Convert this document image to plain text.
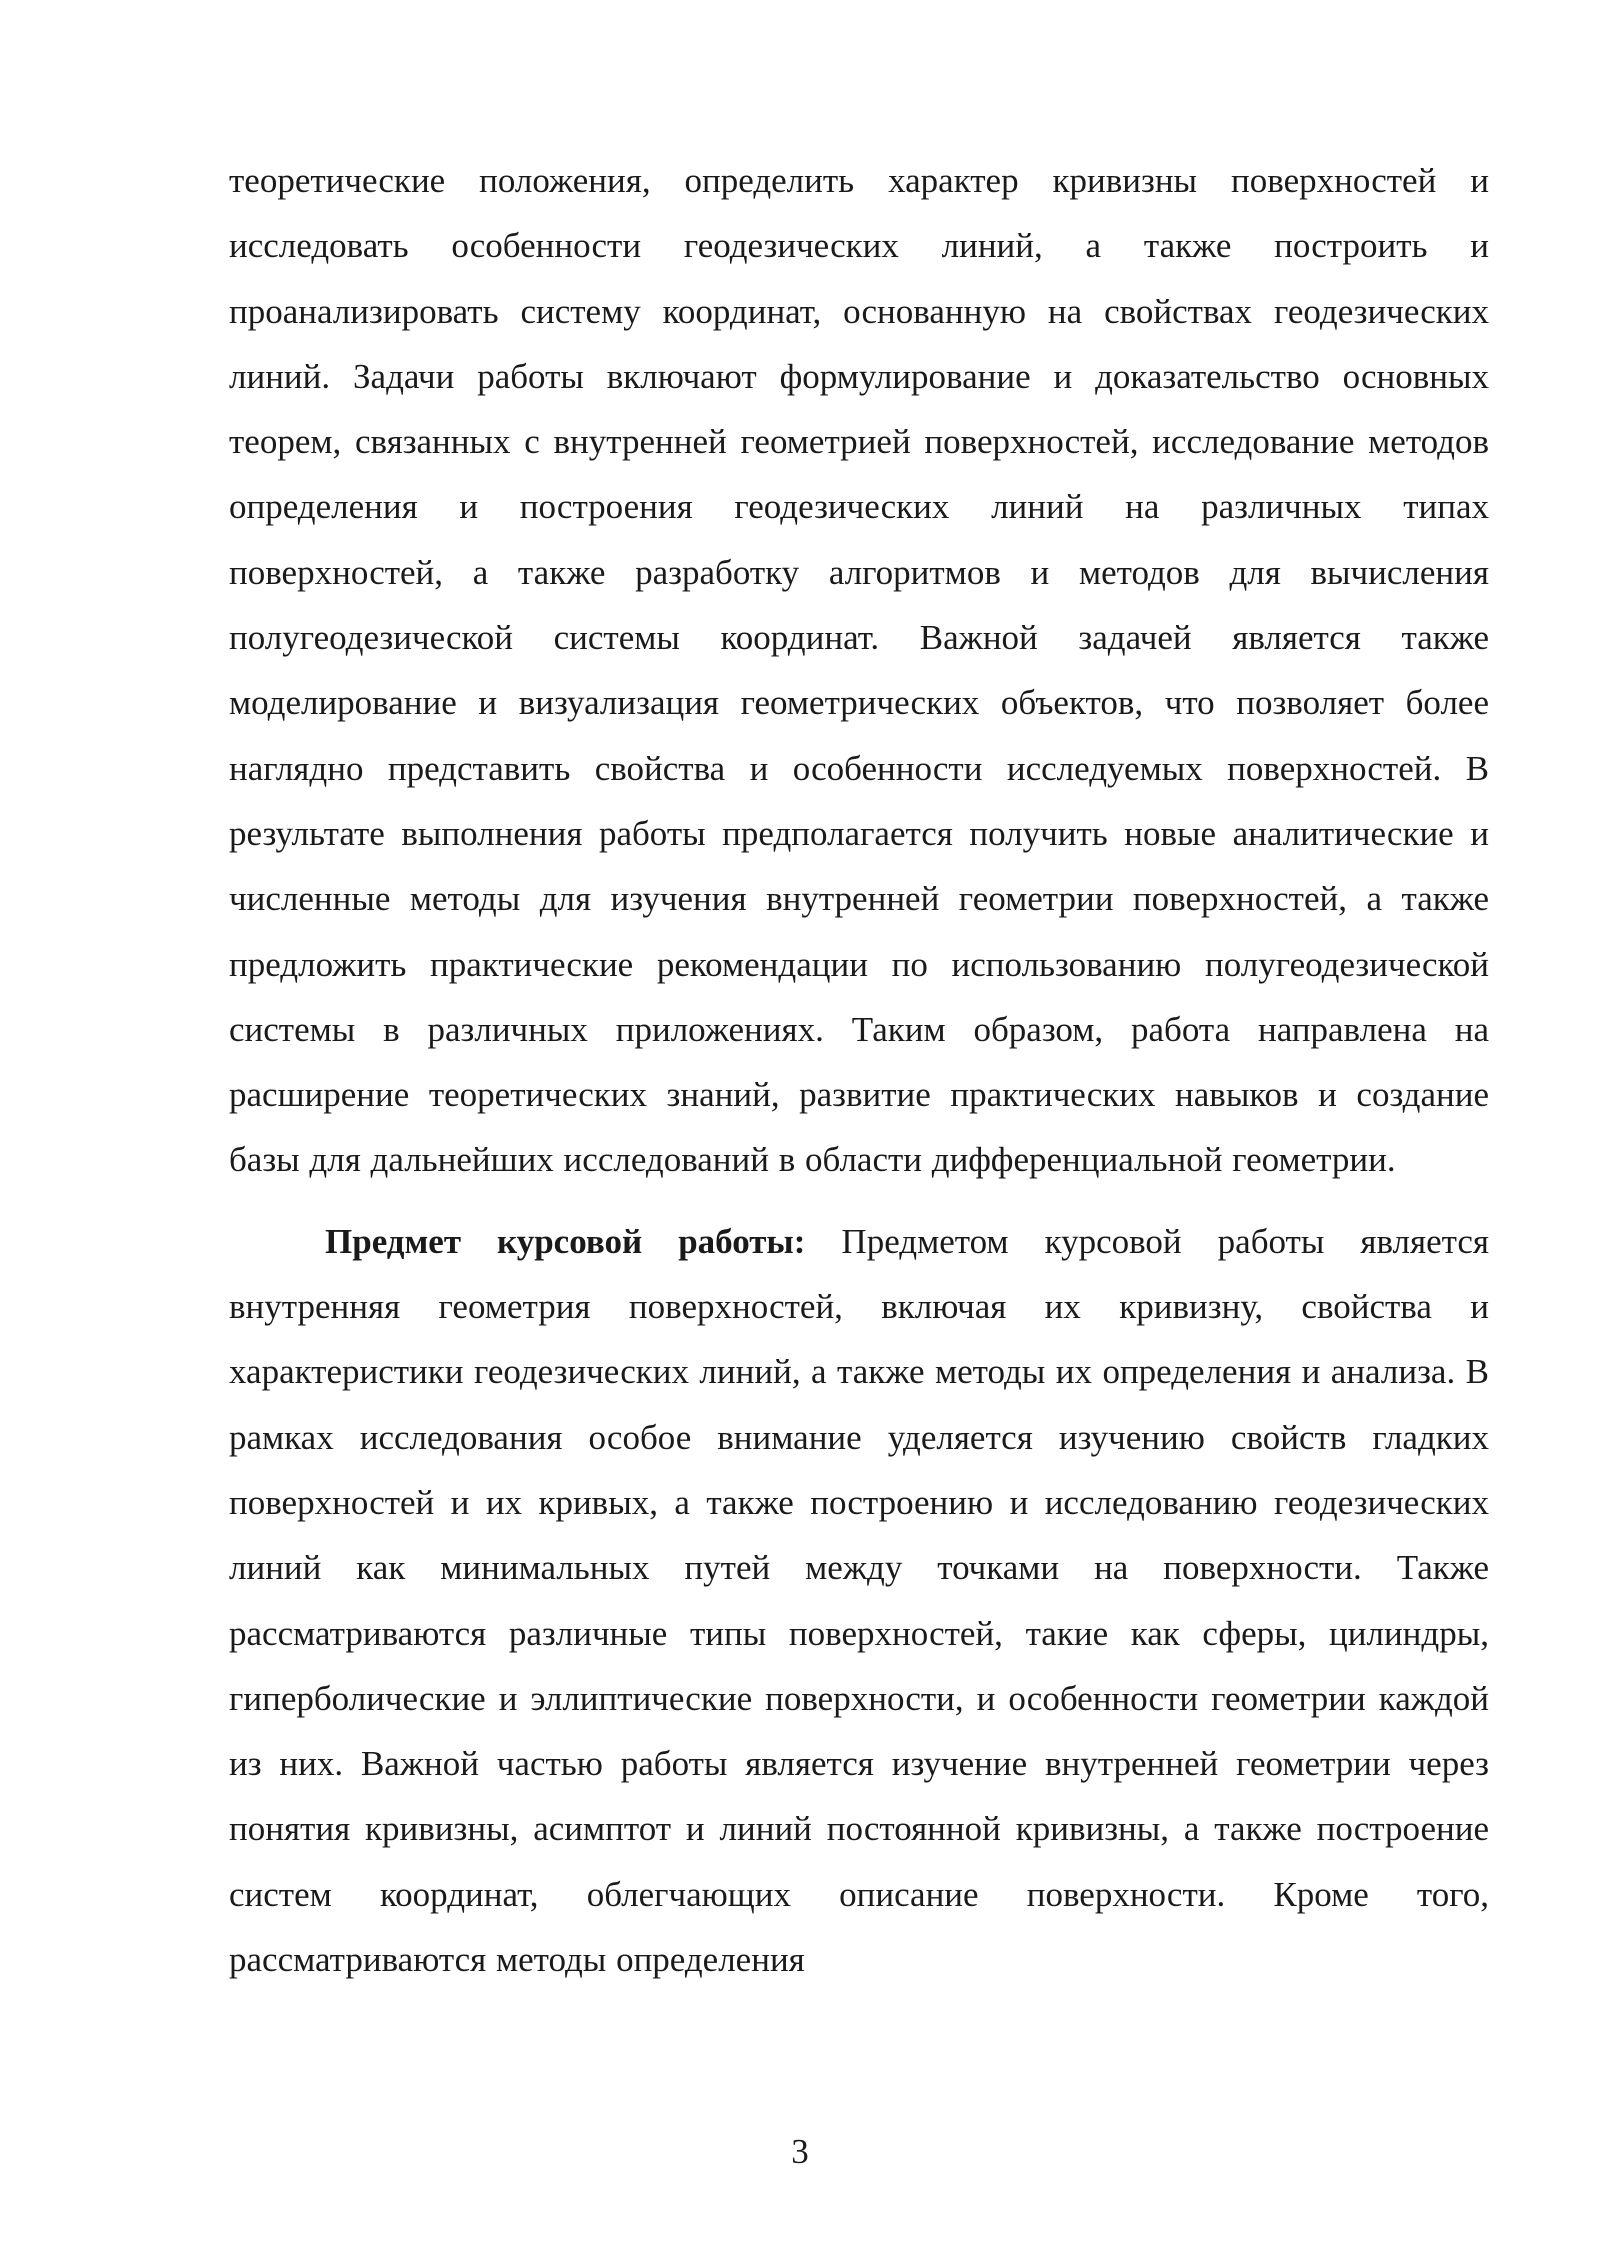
теоретические положения, определить характер кривизны поверхностей и исследовать особенности геодезических линий, а также построить и проанализировать систему координат, основанную на свойствах геодезических линий. Задачи работы включают формулирование и доказательство основных теорем, связанных с внутренней геометрией поверхностей, исследование методов определения и построения геодезических линий на различных типах поверхностей, а также разработку алгоритмов и методов для вычисления полугеодезической системы координат. Важной задачей является также моделирование и визуализация геометрических объектов, что позволяет более наглядно представить свойства и особенности исследуемых поверхностей. В результате выполнения работы предполагается получить новые аналитические и численные методы для изучения внутренней геометрии поверхностей, а также предложить практические рекомендации по использованию полугеодезической системы в различных приложениях. Таким образом, работа направлена на расширение теоретических знаний, развитие практических навыков и создание базы для дальнейших исследований в области дифференциальной геометрии.

Предмет курсовой работы: Предметом курсовой работы является внутренняя геометрия поверхностей, включая их кривизну, свойства и характеристики геодезических линий, а также методы их определения и анализа. В рамках исследования особое внимание уделяется изучению свойств гладких поверхностей и их кривых, а также построению и исследованию геодезических линий как минимальных путей между точками на поверхности. Также рассматриваются различные типы поверхностей, такие как сферы, цилиндры, гиперболические и эллиптические поверхности, и особенности геометрии каждой из них. Важной частью работы является изучение внутренней геометрии через понятия кривизны, асимптот и линий постоянной кривизны, а также построение систем координат, облегчающих описание поверхности. Кроме того, рассматриваются методы определения

3
